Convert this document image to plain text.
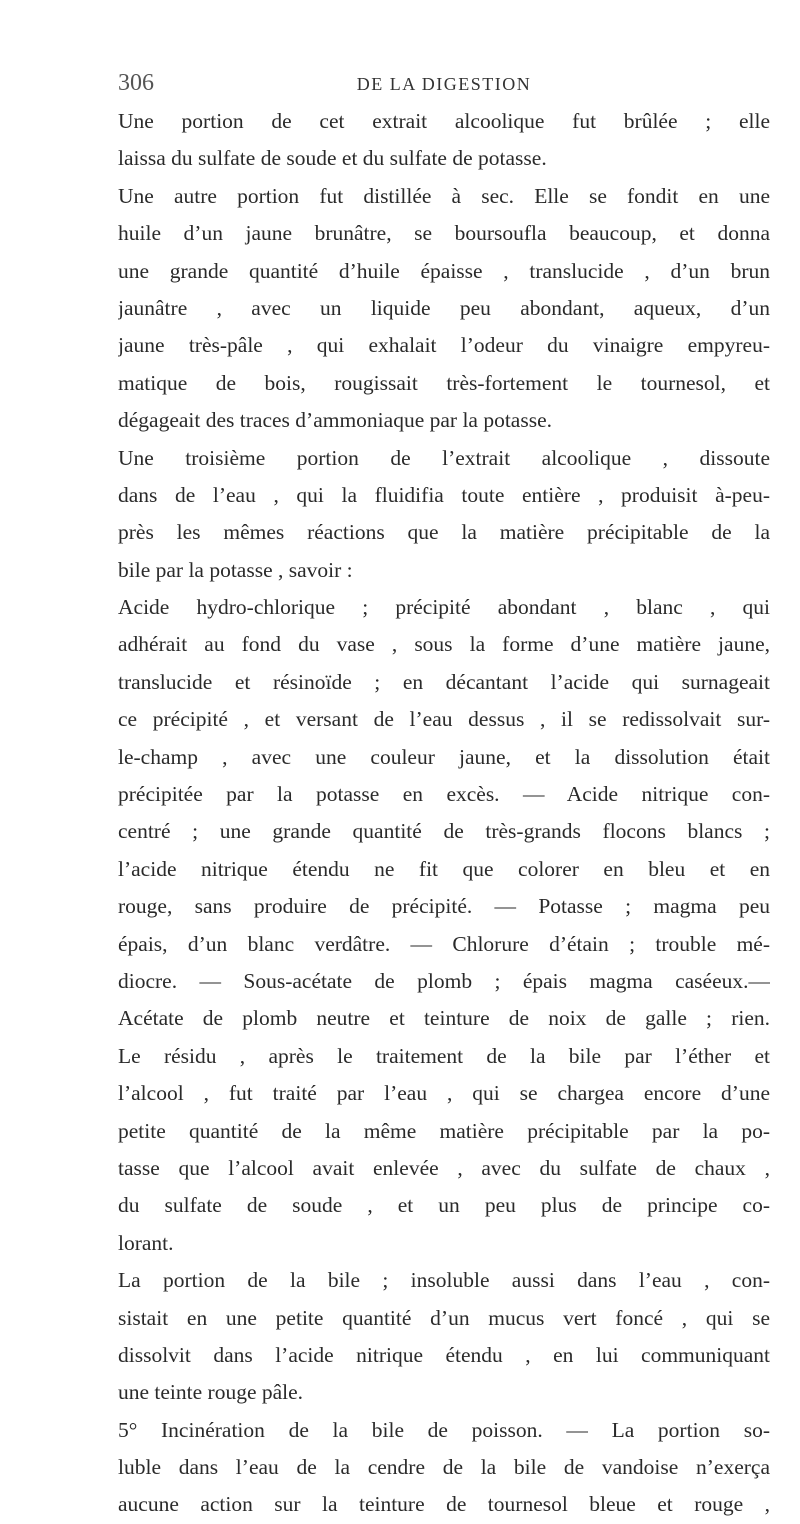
306	DE LA DIGESTION
Une portion de cet extrait alcoolique fut brûlée ; elle
laissa du sulfate de soude et du sulfate de potasse.
Une autre portion fut distillée à sec. Elle se fondit en une
huile d’un jaune brunâtre, se boursoufla beaucoup, et donna
une grande quantité d’huile épaisse , translucide , d’un brun
jaunâtre , avec un liquide peu abondant, aqueux, d’un
jaune très-pâle , qui exhalait l’odeur du vinaigre empyreu-
matique de bois, rougissait très-fortement le tournesol, et
dégageait des traces d’ammoniaque par la potasse.
Une troisième portion de l’extrait alcoolique , dissoute
dans de l’eau , qui la fluidifia toute entière , produisit à-peu-
près les mêmes réactions que la matière précipitable de la
bile par la potasse , savoir :
Acide hydro-chlorique ; précipité abondant , blanc , qui
adhérait au fond du vase , sous la forme d’une matière jaune,
translucide et résinoïde ; en décantant l’acide qui surnageait
ce précipité , et versant de l’eau dessus , il se redissolvait sur-
le-champ , avec une couleur jaune, et la dissolution était
précipitée par la potasse en excès. — Acide nitrique con-
centré ; une grande quantité de très-grands flocons blancs ;
l’acide nitrique étendu ne fit que colorer en bleu et en
rouge, sans produire de précipité. — Potasse ; magma peu
épais, d’un blanc verdâtre. — Chlorure d’étain ; trouble mé-
diocre. — Sous-acétate de plomb ; épais magma caséeux.—
Acétate de plomb neutre et teinture de noix de galle ; rien.
Le résidu , après le traitement de la bile par l’éther et
l’alcool , fut traité par l’eau , qui se chargea encore d’une
petite quantité de la même matière précipitable par la po-
tasse que l’alcool avait enlevée , avec du sulfate de chaux ,
du sulfate de soude , et un peu plus de principe co-
lorant.
La portion de la bile ; insoluble aussi dans l’eau , con-
sistait en une petite quantité d’un mucus vert foncé , qui se
dissolvit dans l’acide nitrique étendu , en lui communiquant
une teinte rouge pâle.
5° Incinération de la bile de poisson. — La portion so-
luble dans l’eau de la cendre de la bile de vandoise n’exerça
aucune action sur la teinture de tournesol bleue et rouge ,
